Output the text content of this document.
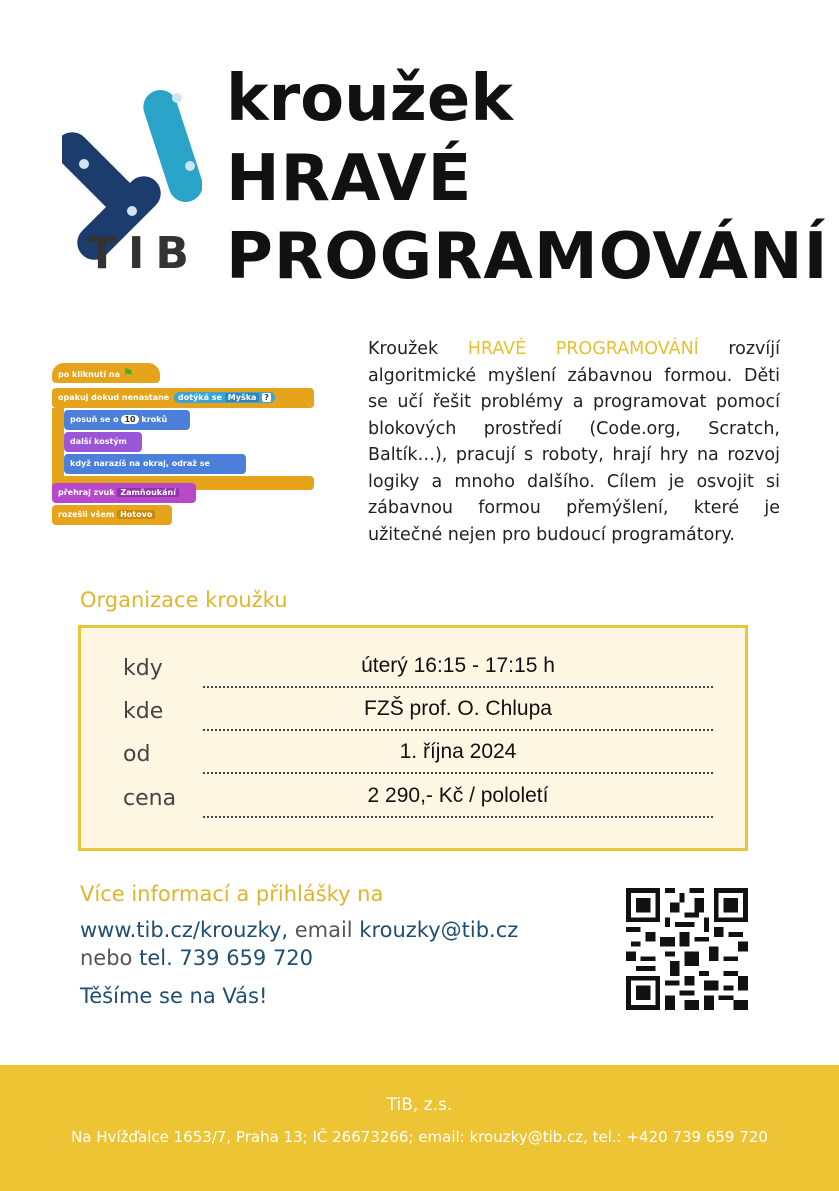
TIB
kroužek
HRAVÉ
PROGRAMOVÁNÍ
po kliknutí na ⚑
opakuj dokud nenastane dotýká se Myška ?
posuň se o 10 kroků
další kostým
když narazíš na okraj, odraž se
přehraj zvuk Zamňoukání
rozešli všem Hotovo
Kroužek HRAVÉ PROGRAMOVÁNÍ rozvíjí algoritmické myšlení zábavnou formou. Děti se učí řešit problémy a programovat pomocí blokových prostředí (Code.org, Scratch, Baltík…), pracují s roboty, hrají hry na rozvoj logiky a mnoho dalšího. Cílem je osvojit si zábavnou formou přemýšlení, které je užitečné nejen pro budoucí programátory.
Organizace kroužku
kdy	úterý 16:15 - 17:15 h
kde	FZŠ prof. O. Chlupa
od	1. října 2024
cena	2 290,- Kč / pololetí
Více informací a přihlášky na
www.tib.cz/krouzky, email krouzky@tib.cz
nebo tel. 739 659 720
Těšíme se na Vás!
TiB, z.s.
Na Hvížďalce 1653/7, Praha 13; IČ 26673266; email: krouzky@tib.cz, tel.: +420 739 659 720
